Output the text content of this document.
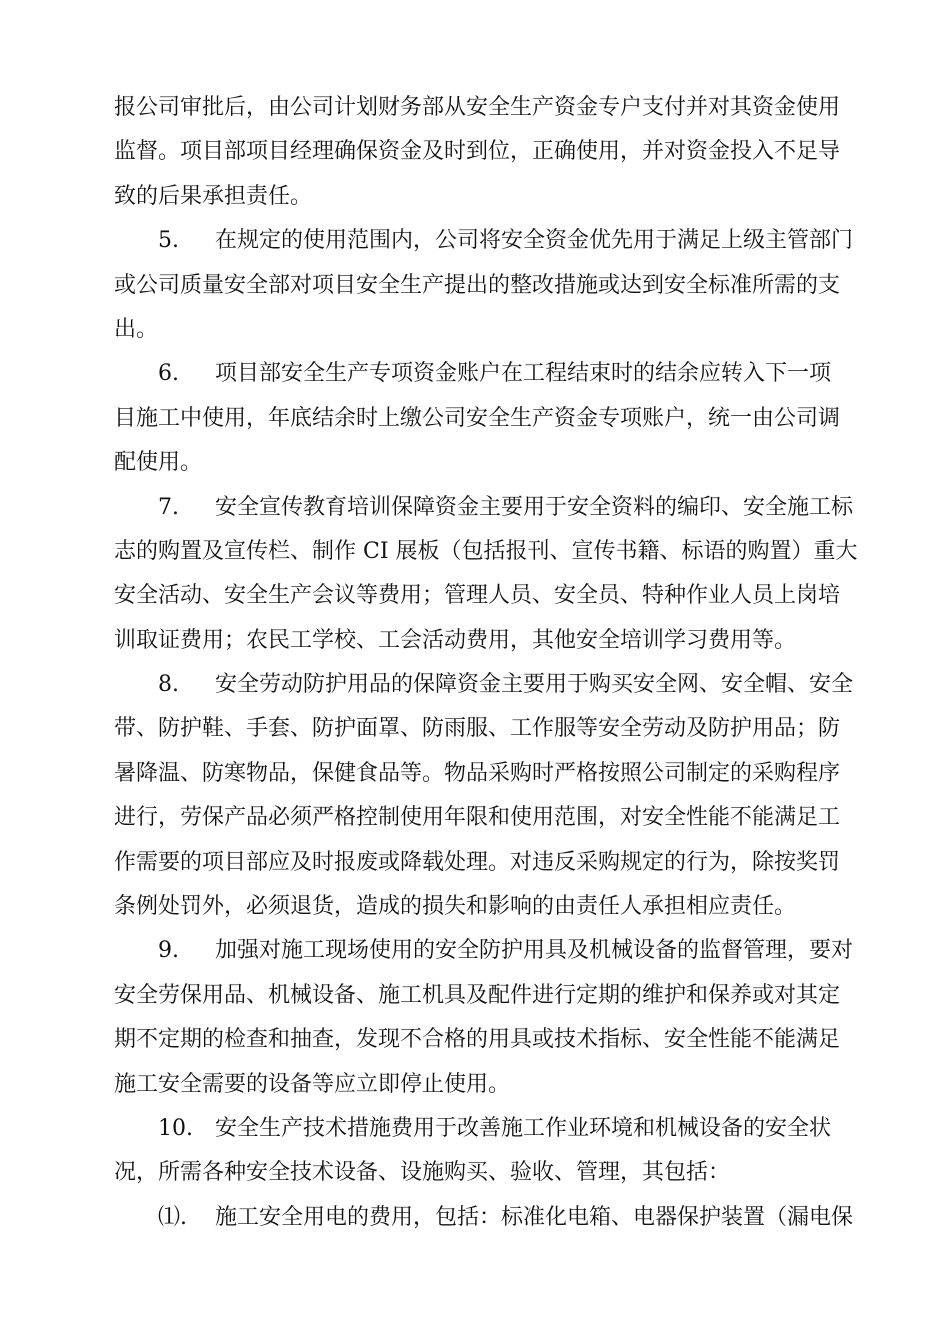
报公司审批后，由公司计划财务部从安全生产资金专户支付并对其资金使用

监督。项目部项目经理确保资金及时到位，正确使用，并对资金投入不足导

致的后果承担责任。

5. 在规定的使用范围内，公司将安全资金优先用于满足上级主管部门

或公司质量安全部对项目安全生产提出的整改措施或达到安全标准所需的支

出。

6. 项目部安全生产专项资金账户在工程结束时的结余应转入下一项

目施工中使用，年底结余时上缴公司安全生产资金专项账户，统一由公司调

配使用。

7. 安全宣传教育培训保障资金主要用于安全资料的编印、安全施工标

志的购置及宣传栏、制作 CI 展板（包括报刊、宣传书籍、标语的购置）重大

安全活动、安全生产会议等费用；管理人员、安全员、特种作业人员上岗培

训取证费用；农民工学校、工会活动费用，其他安全培训学习费用等。

8. 安全劳动防护用品的保障资金主要用于购买安全网、安全帽、安全

带、防护鞋、手套、防护面罩、防雨服、工作服等安全劳动及防护用品；防

暑降温、防寒物品，保健食品等。物品采购时严格按照公司制定的采购程序

进行，劳保产品必须严格控制使用年限和使用范围，对安全性能不能满足工

作需要的项目部应及时报废或降载处理。对违反采购规定的行为，除按奖罚

条例处罚外，必须退货，造成的损失和影响的由责任人承担相应责任。

9. 加强对施工现场使用的安全防护用具及机械设备的监督管理，要对

安全劳保用品、机械设备、施工机具及配件进行定期的维护和保养或对其定

期不定期的检查和抽查，发现不合格的用具或技术指标、安全性能不能满足

施工安全需要的设备等应立即停止使用。

10. 安全生产技术措施费用于改善施工作业环境和机械设备的安全状

况，所需各种安全技术设备、设施购买、验收、管理，其包括：

⑴. 施工安全用电的费用，包括：标准化电箱、电器保护装置（漏电保
